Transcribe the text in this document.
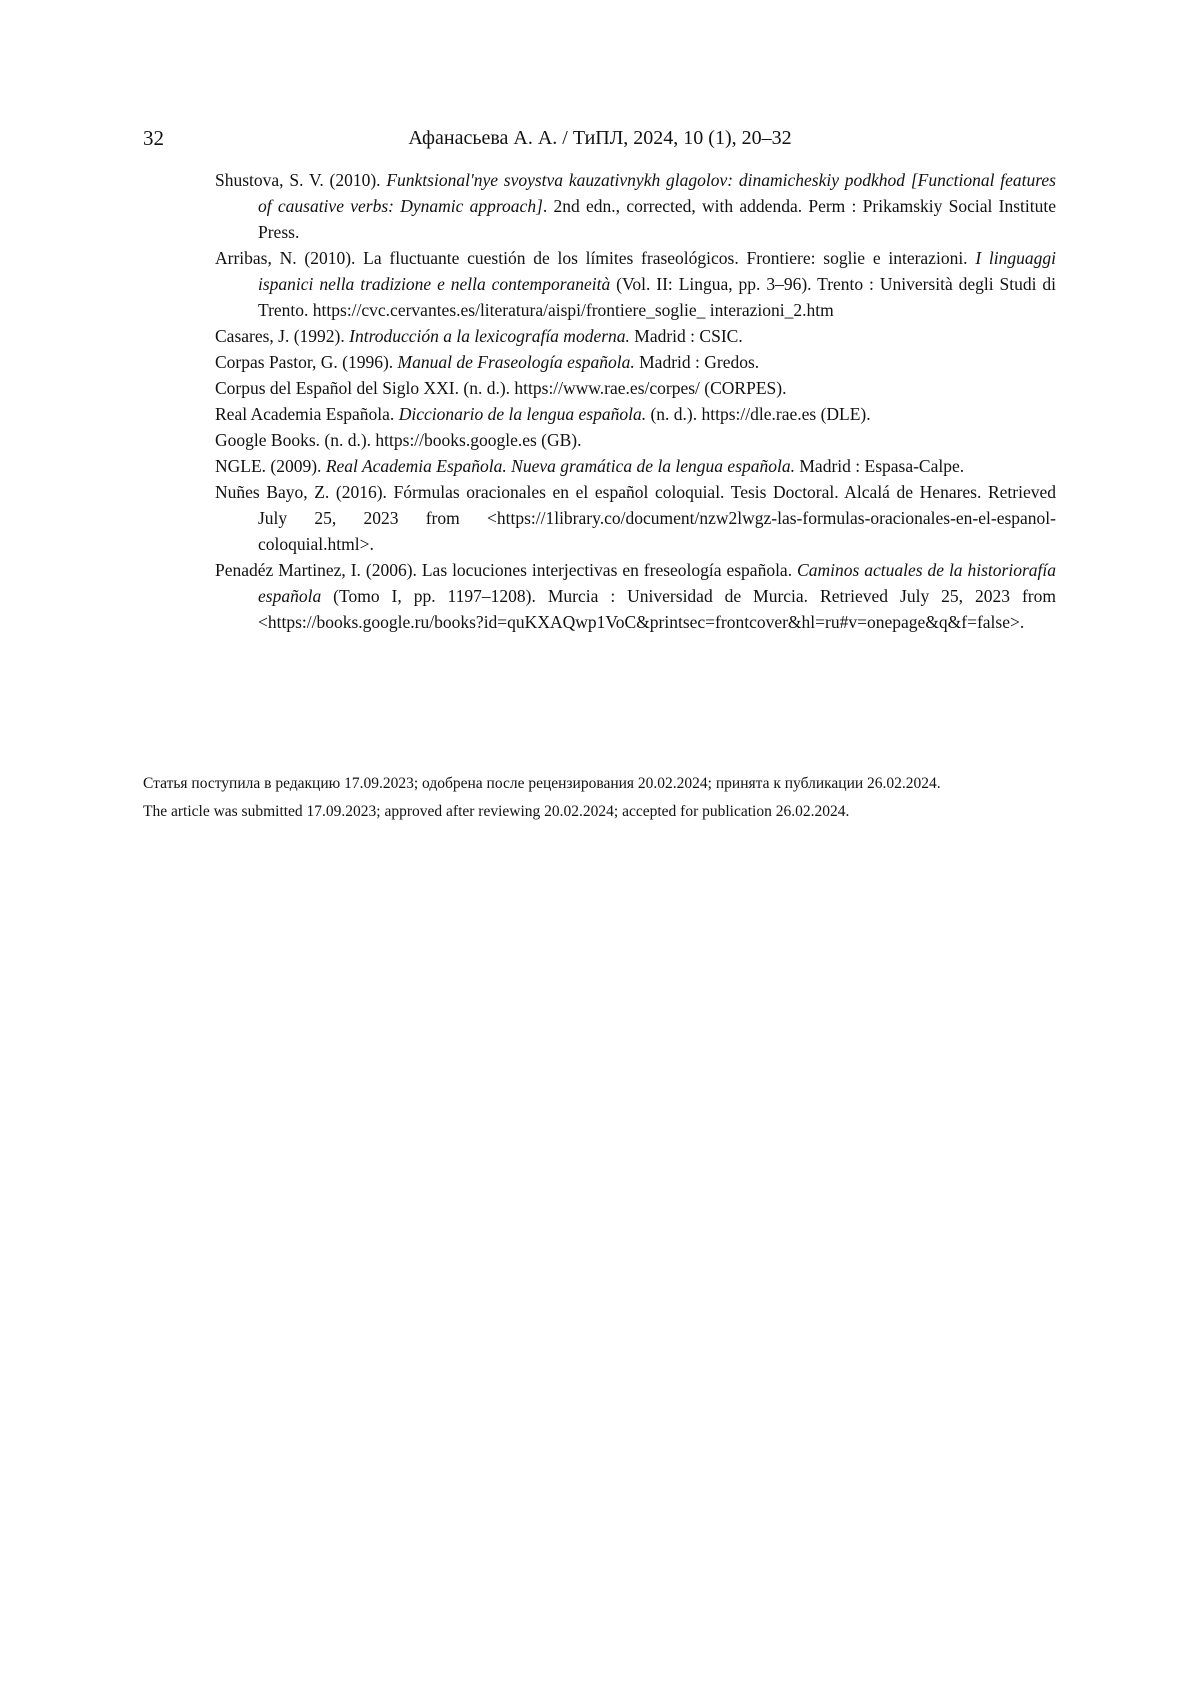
32	Афанасьева А. А. / ТиПЛ, 2024, 10 (1), 20–32
Shustova, S. V. (2010). Funktsional'nye svoystva kauzativnykh glagolov: dinamicheskiy podkhod [Functional features of causative verbs: Dynamic approach]. 2nd edn., corrected, with addenda. Perm : Prikamskiy Social Institute Press.
Arribas, N. (2010). La fluctuante cuestión de los límites fraseológicos. Frontiere: soglie e interazioni. I linguaggi ispanici nella tradizione e nella contemporaneità (Vol. II: Lingua, pp. 3–96). Trento : Università degli Studi di Trento. https://cvc.cervantes.es/literatura/aispi/frontiere_soglie_ interazioni_2.htm
Casares, J. (1992). Introducción a la lexicografía moderna. Madrid : CSIC.
Corpas Pastor, G. (1996). Manual de Fraseología española. Madrid : Gredos.
Corpus del Español del Siglo XXI. (n. d.). https://www.rae.es/corpes/ (CORPES).
Real Academia Española. Diccionario de la lengua española. (n. d.). https://dle.rae.es (DLE).
Google Books. (n. d.). https://books.google.es (GB).
NGLE. (2009). Real Academia Española. Nueva gramática de la lengua española. Madrid : Espasa-Calpe.
Nuñes Bayo, Z. (2016). Fórmulas oracionales en el español coloquial. Tesis Doctoral. Alcalá de Henares. Retrieved July 25, 2023 from <https://1library.co/document/nzw2lwgz-las-formulas-oracionales-en-el-espanol-coloquial.html>.
Penadéz Martinez, I. (2006). Las locuciones interjectivas en freseología española. Caminos actuales de la historiorafía española (Tomo I, pp. 1197–1208). Murcia : Universidad de Murcia. Retrieved July 25, 2023 from <https://books.google.ru/books?id=quKXAQwp1VoC&printsec=frontcover&hl=ru#v=onepage&q&f=false>.
Статья поступила в редакцию 17.09.2023; одобрена после рецензирования 20.02.2024; принята к публикации 26.02.2024.
The article was submitted 17.09.2023; approved after reviewing 20.02.2024; accepted for publication 26.02.2024.
